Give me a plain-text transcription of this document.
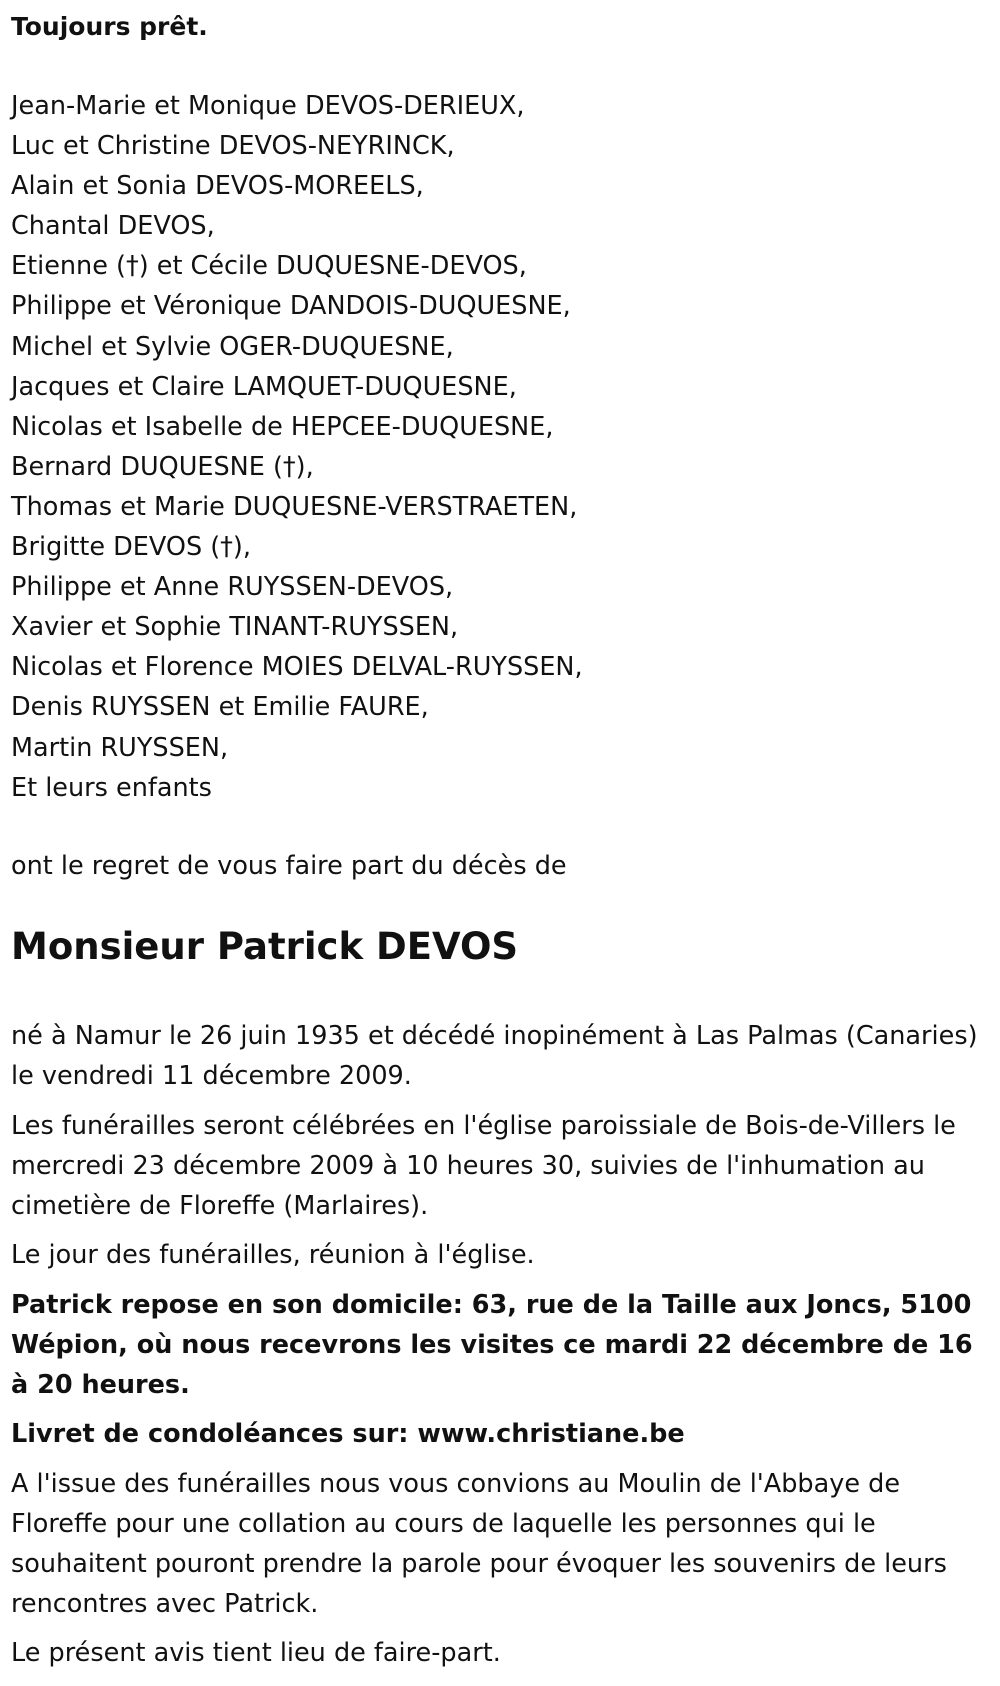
Toujours prêt.

Jean-Marie et Monique DEVOS-DERIEUX,
Luc et Christine DEVOS-NEYRINCK,
Alain et Sonia DEVOS-MOREELS,
Chantal DEVOS,
Etienne (†) et Cécile DUQUESNE-DEVOS,
Philippe et Véronique DANDOIS-DUQUESNE,
Michel et Sylvie OGER-DUQUESNE,
Jacques et Claire LAMQUET-DUQUESNE,
Nicolas et Isabelle de HEPCEE-DUQUESNE,
Bernard DUQUESNE (†),
Thomas et Marie DUQUESNE-VERSTRAETEN,
Brigitte DEVOS (†),
Philippe et Anne RUYSSEN-DEVOS,
Xavier et Sophie TINANT-RUYSSEN,
Nicolas et Florence MOIES DELVAL-RUYSSEN,
Denis RUYSSEN et Emilie FAURE,
Martin RUYSSEN,
Et leurs enfants

ont le regret de vous faire part du décès de

Monsieur Patrick DEVOS

né à Namur le 26 juin 1935 et décédé inopinément à Las Palmas (Canaries) le vendredi 11 décembre 2009.

Les funérailles seront célébrées en l'église paroissiale de Bois-de-Villers le mercredi 23 décembre 2009 à 10 heures 30, suivies de l'inhumation au cimetière de Floreffe (Marlaires).

Le jour des funérailles, réunion à l'église.

Patrick repose en son domicile: 63, rue de la Taille aux Joncs, 5100 Wépion, où nous recevrons les visites ce mardi 22 décembre de 16 à 20 heures.

Livret de condoléances sur: www.christiane.be

A l'issue des funérailles nous vous convions au Moulin de l'Abbaye de Floreffe pour une collation au cours de laquelle les personnes qui le souhaitent pouront prendre la parole pour évoquer les souvenirs de leurs rencontres avec Patrick.

Le présent avis tient lieu de faire-part.
